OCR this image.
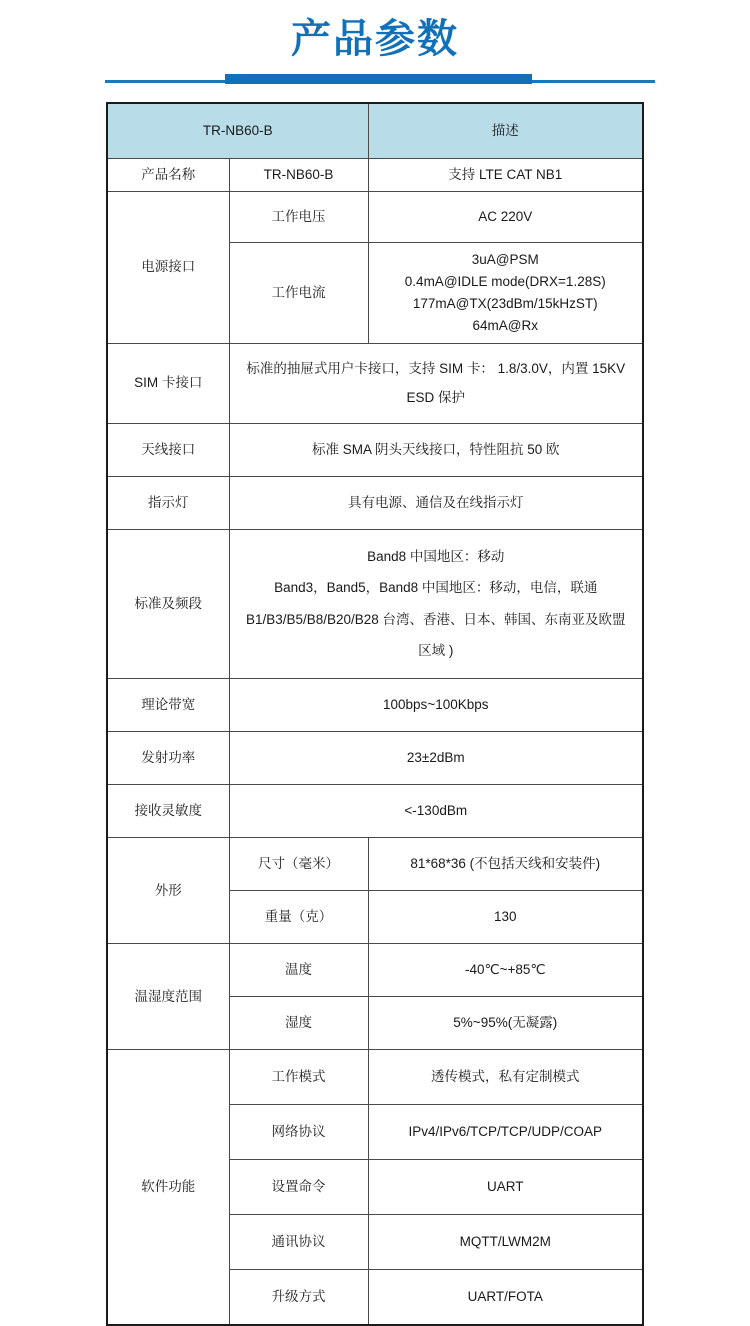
产品参数
TR-NB60-B		描述
产品名称	TR-NB60-B	支持 LTE CAT NB1
电源接口	工作电压	AC 220V
	工作电流	3uA@PSM
0.4mA@IDLE mode(DRX=1.28S)
177mA@TX(23dBm/15kHzST)
64mA@Rx

SIM 卡接口	标准的抽屉式用户卡接口，支持 SIM 卡： 1.8/3.0V，内置 15KV
ESD 保护	

天线接口	标准 SMA 阴头天线接口，特性阻抗 50 欧	
指示灯	具有电源、通信及在线指示灯	
标准及频段	Band8 中国地区：移动
Band3，Band5，Band8 中国地区：移动，电信，联通
B1/B3/B5/B8/B20/B28 台湾、香港、日本、韩国、东南亚及欧盟
区域 )	

理论带宽	100bps~100Kbps	
发射功率	23±2dBm	
接收灵敏度	<-130dBm	
外形	尺寸（毫米）	81*68*36 (不包括天线和安装件)
	重量（克）	130
温湿度范围	温度	-40℃~+85℃
	湿度	5%~95%(无凝露)
软件功能	工作模式	透传模式，私有定制模式
	网络协议	IPv4/IPv6/TCP/TCP/UDP/COAP
	设置命令	UART
	通讯协议	MQTT/LWM2M
	升级方式	UART/FOTA
